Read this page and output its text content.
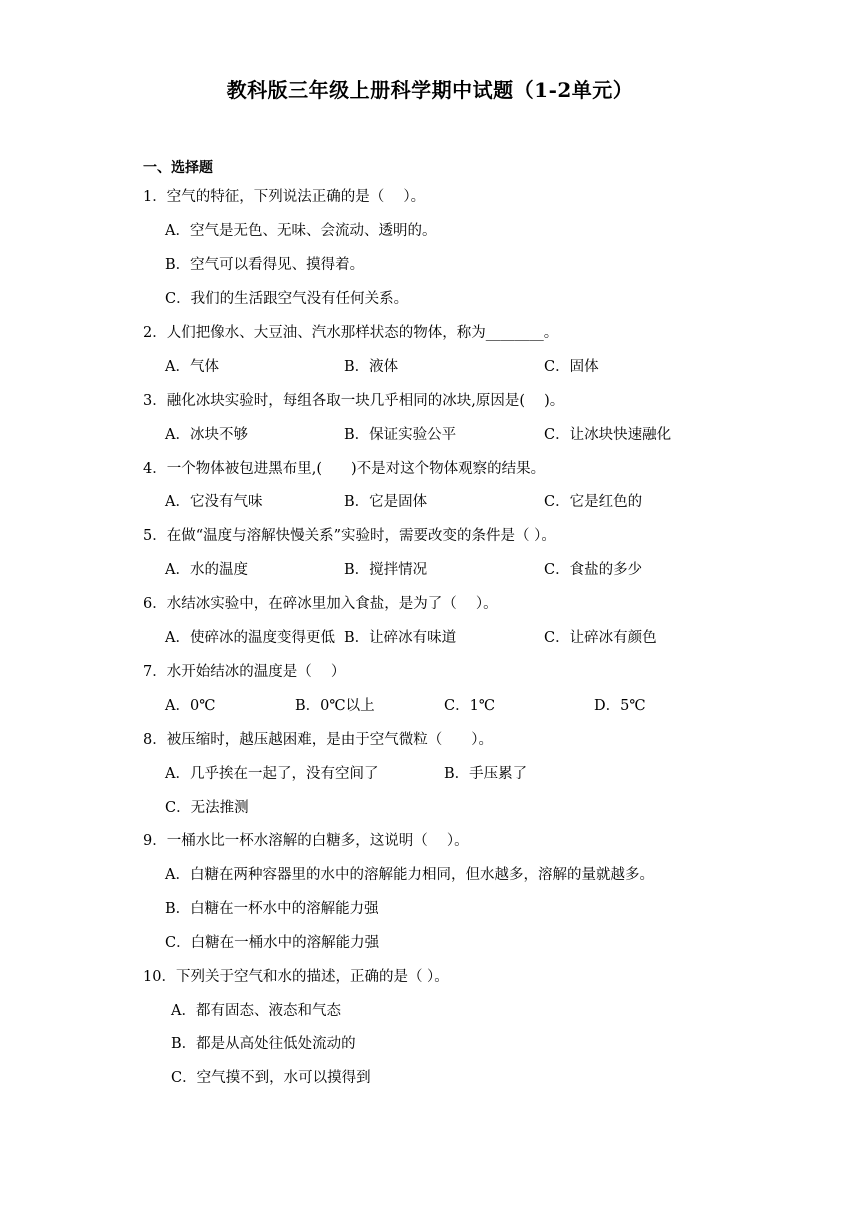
教科版三年级上册科学期中试题（1-2单元）
一、选择题
1．空气的特征，下列说法正确的是（　 ）。
A．空气是无色、无味、会流动、透明的。
B．空气可以看得见、摸得着。
C．我们的生活跟空气没有任何关系。
2．人们把像水、大豆油、汽水那样状态的物体，称为________。
A．气体	B．液体	C．固体
3．融化冰块实验时，每组各取一块几乎相同的冰块,原因是(　 )。
A．冰块不够	B．保证实验公平	C．让冰块快速融化
4．一个物体被包进黑布里,(　　)不是对这个物体观察的结果。
A．它没有气味	B．它是固体	C．它是红色的
5．在做“温度与溶解快慢关系”实验时，需要改变的条件是（ ）。
A．水的温度	B．搅拌情况	C．食盐的多少
6．水结冰实验中，在碎冰里加入食盐，是为了（　 ）。
A．使碎冰的温度变得更低 B．让碎冰有味道	C．让碎冰有颜色
7．水开始结冰的温度是（　 ）
A．0℃	B．0℃以上	C．1℃	D．5℃
8．被压缩时，越压越困难，是由于空气微粒（　　）。
A．几乎挨在一起了，没有空间了	B．手压累了
C．无法推测
9．一桶水比一杯水溶解的白糖多，这说明（　 ）。
A．白糖在两种容器里的水中的溶解能力相同，但水越多，溶解的量就越多。
B．白糖在一杯水中的溶解能力强
C．白糖在一桶水中的溶解能力强
10．下列关于空气和水的描述，正确的是（ ）。
A．都有固态、液态和气态
B．都是从高处往低处流动的
C．空气摸不到，水可以摸得到
